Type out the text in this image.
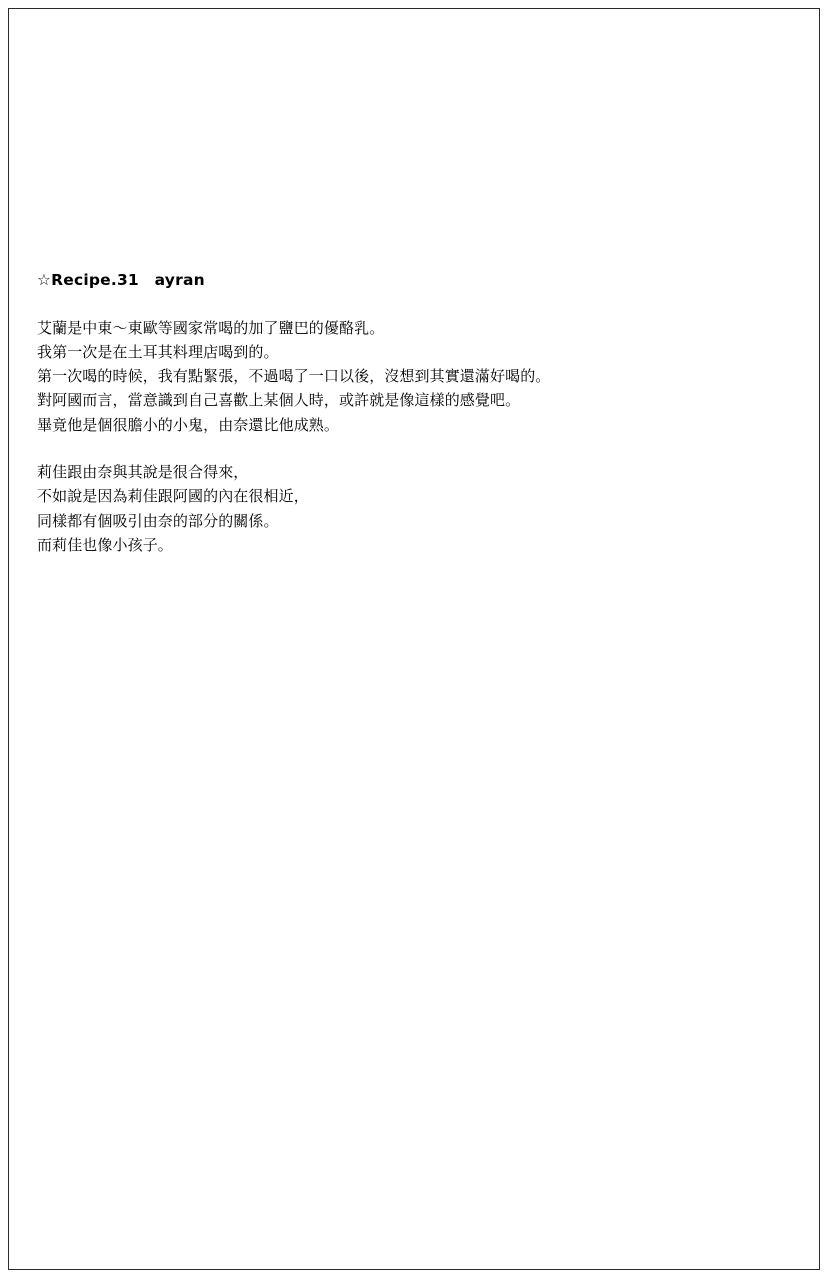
☆Recipe.31　ayran
艾蘭是中東～東歐等國家常喝的加了鹽巴的優酪乳。
我第一次是在土耳其料理店喝到的。
第一次喝的時候，我有點緊張，不過喝了一口以後，沒想到其實還滿好喝的。
對阿國而言，當意識到自己喜歡上某個人時，或許就是像這樣的感覺吧。
畢竟他是個很膽小的小鬼，由奈還比他成熟。
莉佳跟由奈與其說是很合得來，
不如說是因為莉佳跟阿國的內在很相近，
同樣都有個吸引由奈的部分的關係。
而莉佳也像小孩子。
